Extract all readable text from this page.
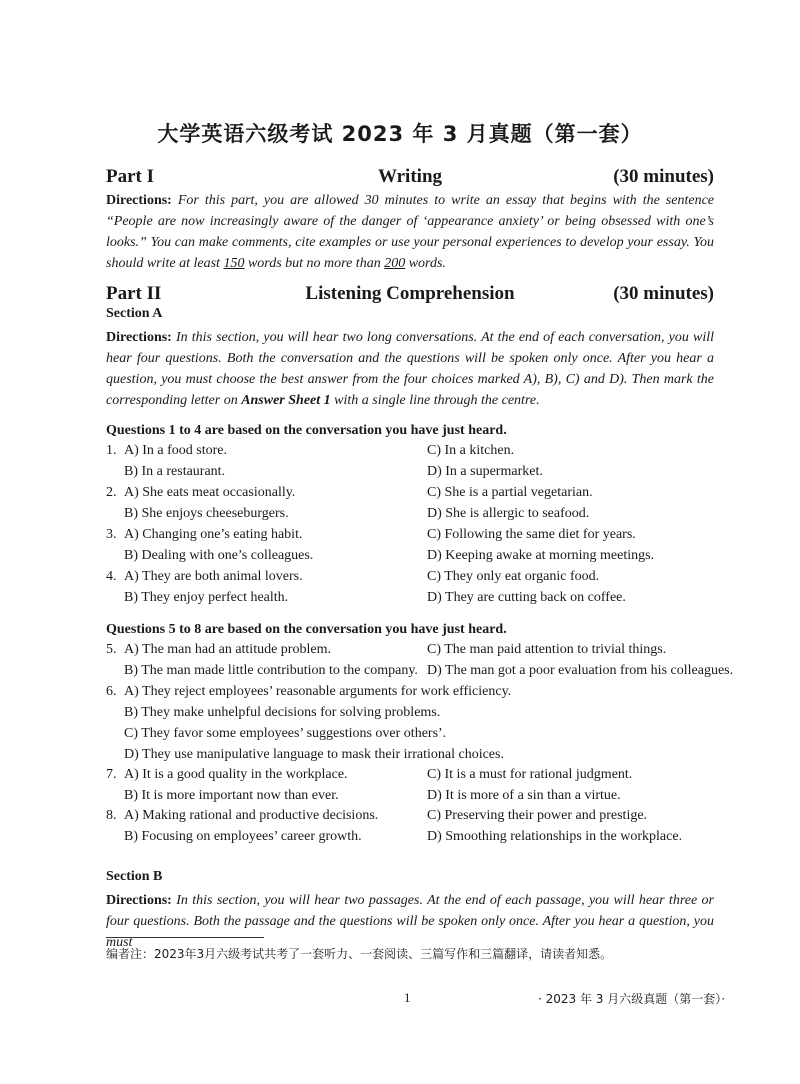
大学英语六级考试 2023 年 3 月真题（第一套）
Part I	Writing	(30 minutes)
Directions: For this part, you are allowed 30 minutes to write an essay that begins with the sentence “People are now increasingly aware of the danger of ‘appearance anxiety’ or being obsessed with one’s looks.” You can make comments, cite examples or use your personal experiences to develop your essay. You should write at least 150 words but no more than 200 words.
Part II	Listening Comprehension	(30 minutes)
Section A
Directions: In this section, you will hear two long conversations. At the end of each conversation, you will hear four questions. Both the conversation and the questions will be spoken only once. After you hear a question, you must choose the best answer from the four choices marked A), B), C) and D). Then mark the corresponding letter on Answer Sheet 1 with a single line through the centre.
Questions 1 to 4 are based on the conversation you have just heard.
1. A) In a food store.	C) In a kitchen.
B) In a restaurant.	D) In a supermarket.
2. A) She eats meat occasionally.	C) She is a partial vegetarian.
B) She enjoys cheeseburgers.	D) She is allergic to seafood.
3. A) Changing one’s eating habit.	C) Following the same diet for years.
B) Dealing with one’s colleagues.	D) Keeping awake at morning meetings.
4. A) They are both animal lovers.	C) They only eat organic food.
B) They enjoy perfect health.	D) They are cutting back on coffee.
Questions 5 to 8 are based on the conversation you have just heard.
5. A) The man had an attitude problem.	C) The man paid attention to trivial things.
B) The man made little contribution to the company. D) The man got a poor evaluation from his colleagues.
6. A) They reject employees’ reasonable arguments for work efficiency.
B) They make unhelpful decisions for solving problems.
C) They favor some employees’ suggestions over others’.
D) They use manipulative language to mask their irrational choices.
7. A) It is a good quality in the workplace.	C) It is a must for rational judgment.
B) It is more important now than ever.	D) It is more of a sin than a virtue.
8. A) Making rational and productive decisions.	C) Preserving their power and prestige.
B) Focusing on employees’ career growth.	D) Smoothing relationships in the workplace.
Section B
Directions: In this section, you will hear two passages. At the end of each passage, you will hear three or four questions. Both the passage and the questions will be spoken only once. After you hear a question, you must
编者注：2023年3月六级考试共考了一套听力、一套阅读、三篇写作和三篇翻译，请读者知悉。
1	· 2023 年 3 月六级真题（第一套）·
